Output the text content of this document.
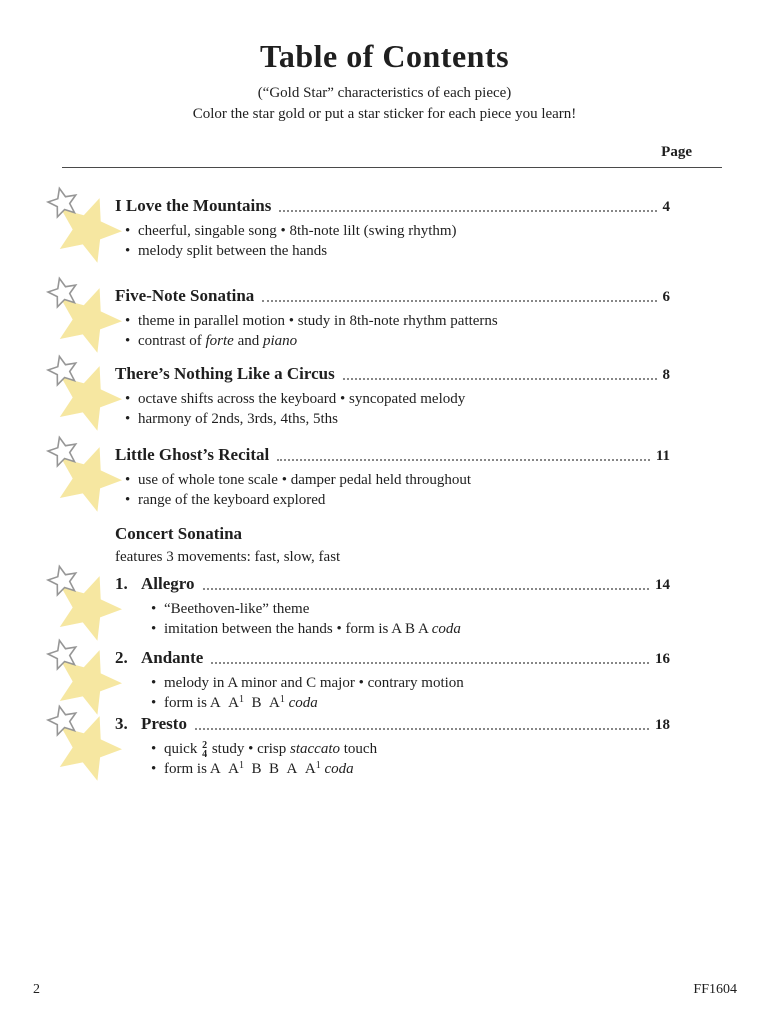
Table of Contents
(“Gold Star” characteristics of each piece)
Color the star gold or put a star sticker for each piece you learn!
Page
I Love the Mountains	4
• cheerful, singable song • 8th-note lilt (swing rhythm)
• melody split between the hands
Five-Note Sonatina	6
• theme in parallel motion • study in 8th-note rhythm patterns
• contrast of forte and piano
There’s Nothing Like a Circus	8
• octave shifts across the keyboard • syncopated melody
• harmony of 2nds, 3rds, 4ths, 5ths
Little Ghost’s Recital	11
• use of whole tone scale • damper pedal held throughout
• range of the keyboard explored
Concert Sonatina
features 3 movements: fast, slow, fast
1. Allegro	14
• “Beethoven-like” theme
• imitation between the hands • form is A B A coda
2. Andante	16
• melody in A minor and C major • contrary motion
• form is A $A^1$ B $A^1$ coda
3. Presto	18
• quick 2
4 study • crisp staccato touch
• form is A $A^1$ B B A $A^1$ coda
2	FF1604
